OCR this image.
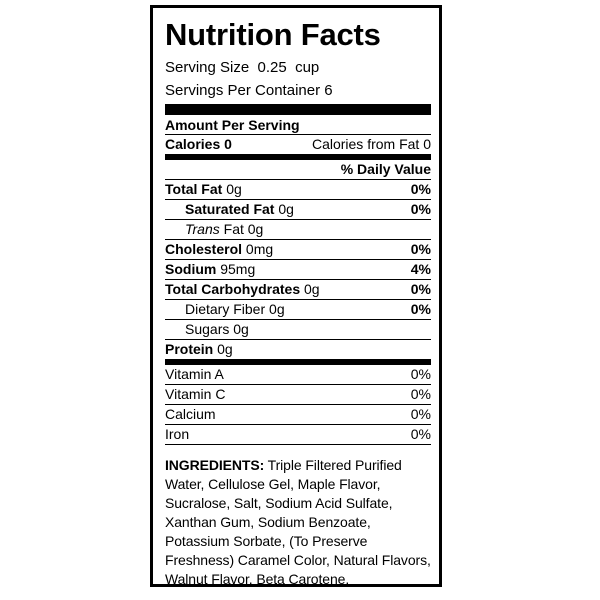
Nutrition Facts
Serving Size  0.25  cup
Servings Per Container 6
Amount Per Serving
Calories 0	Calories from Fat 0
% Daily Value
Total Fat 0g	0%
Saturated Fat 0g	0%
Trans Fat 0g
Cholesterol 0mg	0%
Sodium 95mg	4%
Total Carbohydrates 0g	0%
Dietary Fiber 0g	0%
Sugars 0g
Protein 0g
Vitamin A	0%
Vitamin C	0%
Calcium	0%
Iron	0%
INGREDIENTS: Triple Filtered Purified Water, Cellulose Gel, Maple Flavor, Sucralose, Salt, Sodium Acid Sulfate, Xanthan Gum, Sodium Benzoate, Potassium Sorbate, (To Preserve Freshness) Caramel Color, Natural Flavors, Walnut Flavor, Beta Carotene.
